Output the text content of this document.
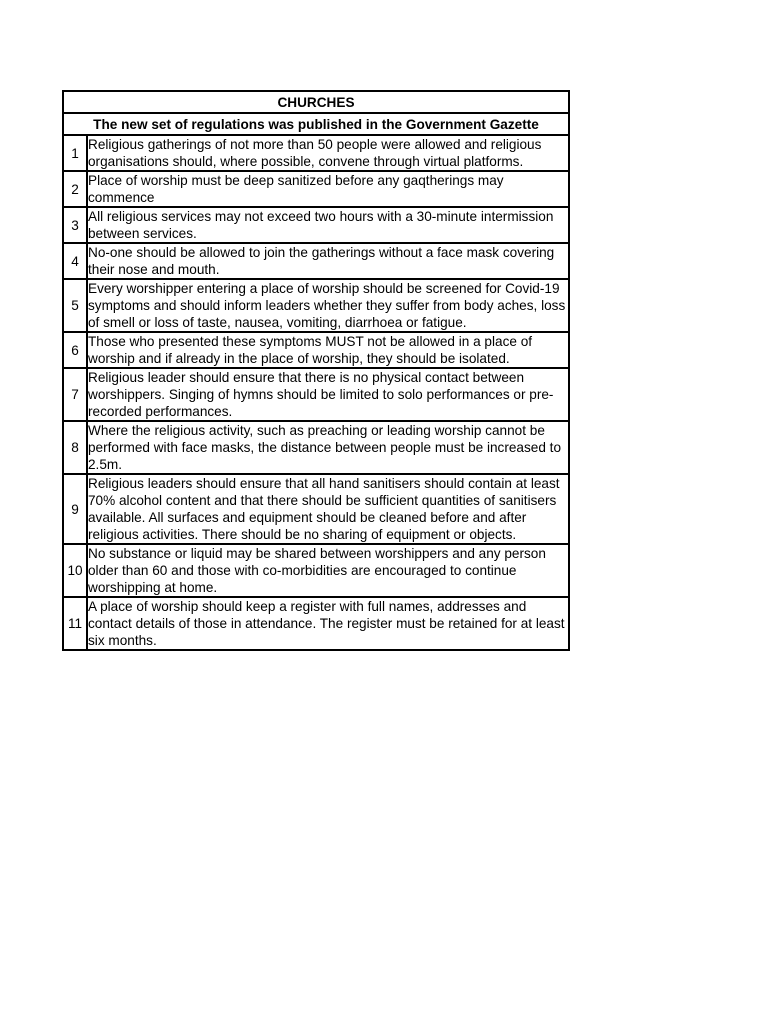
CHURCHES	
The new set of regulations was published in the Government Gazette	
1	Religious gatherings of not more than 50 people were allowed and religious organisations should, where possible, convene through virtual platforms.
2	Place of worship must be deep sanitized before any gaqtherings may commence
3	All religious services may not exceed two hours with a 30-minute intermission between services.
4	No-one should be allowed to join the gatherings without a face mask covering their nose and mouth.
5	Every worshipper entering a place of worship should be screened for Covid-19 symptoms and should inform leaders whether they suffer from body aches, loss of smell or loss of taste, nausea, vomiting, diarrhoea or fatigue.
6	Those who presented these symptoms MUST not be allowed in a place of worship and if already in the place of worship, they should be isolated.
7	Religious leader should ensure that there is no physical contact between worshippers. Singing of hymns should be limited to solo performances or pre-recorded performances.
8	Where the religious activity, such as preaching or leading worship cannot be performed with face masks, the distance between people must be increased to 2.5m.
9	Religious leaders should ensure that all hand sanitisers should contain at least 70% alcohol content and that there should be sufficient quantities of sanitisers available. All surfaces and equipment should be cleaned before and after religious activities. There should be no sharing of equipment or objects.
10	No substance or liquid may be shared between worshippers and any person older than 60 and those with co-morbidities are encouraged to continue worshipping at home.
11	A place of worship should keep a register with full names, addresses and contact details of those in attendance. The register must be retained for at least six months.
